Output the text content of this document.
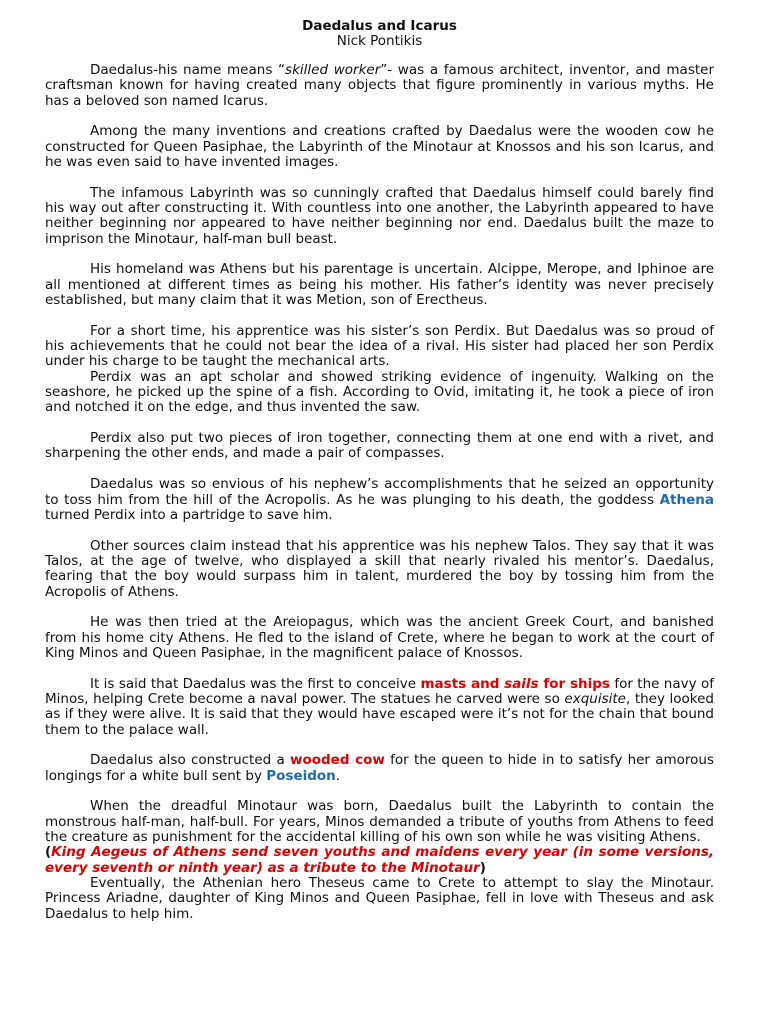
Daedalus and Icarus
Nick Pontikis

Daedalus-his name means “skilled worker”- was a famous architect, inventor, and master craftsman known for having created many objects that figure prominently in various myths. He has a beloved son named Icarus.

Among the many inventions and creations crafted by Daedalus were the wooden cow he constructed for Queen Pasiphae, the Labyrinth of the Minotaur at Knossos and his son Icarus, and he was even said to have invented images.

The infamous Labyrinth was so cunningly crafted that Daedalus himself could barely find his way out after constructing it. With countless into one another, the Labyrinth appeared to have neither beginning nor appeared to have neither beginning nor end. Daedalus built the maze to imprison the Minotaur, half-man bull beast.

His homeland was Athens but his parentage is uncertain. Alcippe, Merope, and Iphinoe are all mentioned at different times as being his mother. His father’s identity was never precisely established, but many claim that it was Metion, son of Erectheus.

For a short time, his apprentice was his sister’s son Perdix. But Daedalus was so proud of his achievements that he could not bear the idea of a rival. His sister had placed her son Perdix under his charge to be taught the mechanical arts.

Perdix was an apt scholar and showed striking evidence of ingenuity. Walking on the seashore, he picked up the spine of a fish. According to Ovid, imitating it, he took a piece of iron and notched it on the edge, and thus invented the saw.

Perdix also put two pieces of iron together, connecting them at one end with a rivet, and sharpening the other ends, and made a pair of compasses.

Daedalus was so envious of his nephew’s accomplishments that he seized an opportunity to toss him from the hill of the Acropolis. As he was plunging to his death, the goddess Athena turned Perdix into a partridge to save him.

Other sources claim instead that his apprentice was his nephew Talos. They say that it was Talos, at the age of twelve, who displayed a skill that nearly rivaled his mentor’s. Daedalus, fearing that the boy would surpass him in talent, murdered the boy by tossing him from the Acropolis of Athens.

He was then tried at the Areiopagus, which was the ancient Greek Court, and banished from his home city Athens. He fled to the island of Crete, where he began to work at the court of King Minos and Queen Pasiphae, in the magnificent palace of Knossos.

It is said that Daedalus was the first to conceive masts and sails for ships for the navy of Minos, helping Crete become a naval power. The statues he carved were so exquisite, they looked as if they were alive. It is said that they would have escaped were it’s not for the chain that bound them to the palace wall.

Daedalus also constructed a wooded cow for the queen to hide in to satisfy her amorous longings for a white bull sent by Poseidon.

When the dreadful Minotaur was born, Daedalus built the Labyrinth to contain the monstrous half-man, half-bull. For years, Minos demanded a tribute of youths from Athens to feed the creature as punishment for the accidental killing of his own son while he was visiting Athens.

(King Aegeus of Athens send seven youths and maidens every year (in some versions, every seventh or ninth year) as a tribute to the Minotaur)

Eventually, the Athenian hero Theseus came to Crete to attempt to slay the Minotaur. Princess Ariadne, daughter of King Minos and Queen Pasiphae, fell in love with Theseus and ask Daedalus to help him.
